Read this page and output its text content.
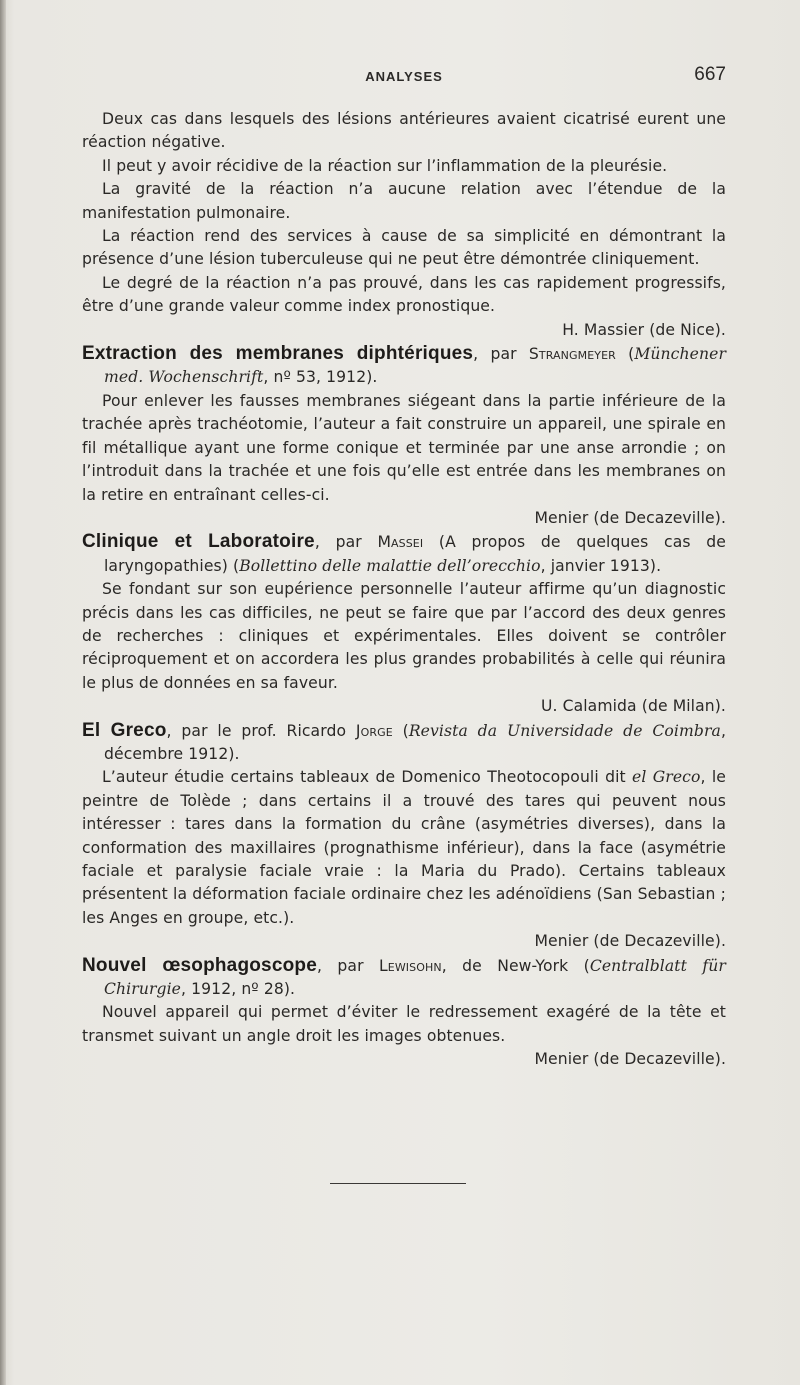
ANALYSES	667

Deux cas dans lesquels des lésions antérieures avaient cicatrisé eurent une réaction négative.

Il peut y avoir récidive de la réaction sur l’inflammation de la pleurésie.

La gravité de la réaction n’a aucune relation avec l’étendue de la manifestation pulmonaire.

La réaction rend des services à cause de sa simplicité en démontrant la présence d’une lésion tuberculeuse qui ne peut être démontrée cliniquement.

Le degré de la réaction n’a pas prouvé, dans les cas rapidement progressifs, être d’une grande valeur comme index pronostique.

H. Massier (de Nice).

Extraction des membranes diphtériques, par Strangmeyer (Münchener med. Wochenschrift, nº 53, 1912).

Pour enlever les fausses membranes siégeant dans la partie inférieure de la trachée après trachéotomie, l’auteur a fait construire un appareil, une spirale en fil métallique ayant une forme conique et terminée par une anse arrondie ; on l’introduit dans la trachée et une fois qu’elle est entrée dans les membranes on la retire en entraînant celles-ci.

Menier (de Decazeville).

Clinique et Laboratoire, par Massei (A propos de quelques cas de laryngopathies) (Bollettino delle malattie dell’orecchio, janvier 1913).

Se fondant sur son eupérience personnelle l’auteur affirme qu’un diagnostic précis dans les cas difficiles, ne peut se faire que par l’accord des deux genres de recherches : cliniques et expérimentales. Elles doivent se contrôler réciproquement et on accordera les plus grandes probabilités à celle qui réunira le plus de données en sa faveur.

U. Calamida (de Milan).

El Greco, par le prof. Ricardo Jorge (Revista da Universidade de Coimbra, décembre 1912).

L’auteur étudie certains tableaux de Domenico Theotocopouli dit el Greco, le peintre de Tolède ; dans certains il a trouvé des tares qui peuvent nous intéresser : tares dans la formation du crâne (asymétries diverses), dans la conformation des maxillaires (prognathisme inférieur), dans la face (asymétrie faciale et paralysie faciale vraie : la Maria du Prado). Certains tableaux présentent la déformation faciale ordinaire chez les adénoïdiens (San Sebastian ; les Anges en groupe, etc.).

Menier (de Decazeville).

Nouvel œsophagoscope, par Lewisohn, de New-York (Centralblatt für Chirurgie, 1912, nº 28).

Nouvel appareil qui permet d’éviter le redressement exagéré de la tête et transmet suivant un angle droit les images obtenues.

Menier (de Decazeville).
